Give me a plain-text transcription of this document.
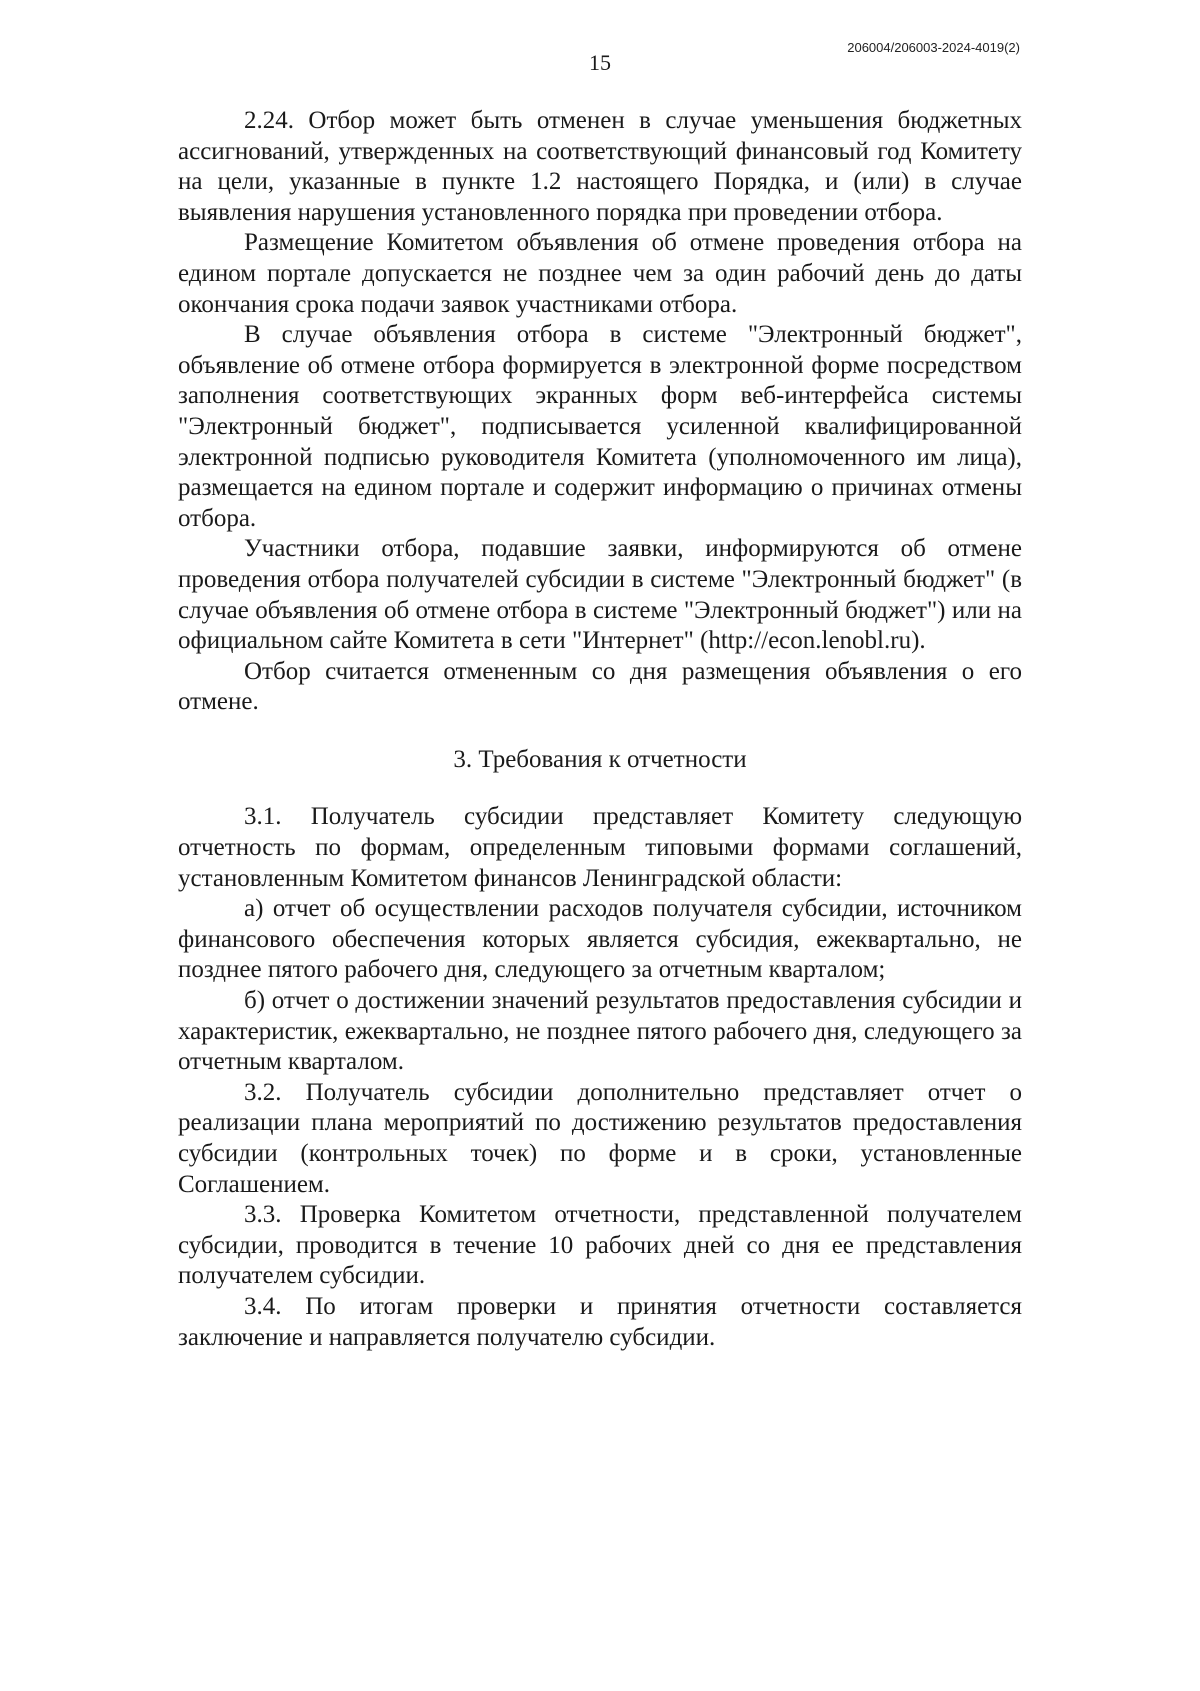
206004/206003-2024-4019(2)
15

2.24. Отбор может быть отменен в случае уменьшения бюджетных ассигнований, утвержденных на соответствующий финансовый год Комитету на цели, указанные в пункте 1.2 настоящего Порядка, и (или) в случае выявления нарушения установленного порядка при проведении отбора.

Размещение Комитетом объявления об отмене проведения отбора на едином портале допускается не позднее чем за один рабочий день до даты окончания срока подачи заявок участниками отбора.

В случае объявления отбора в системе "Электронный бюджет", объявление об отмене отбора формируется в электронной форме посредством заполнения соответствующих экранных форм веб-интерфейса системы "Электронный бюджет", подписывается усиленной квалифицированной электронной подписью руководителя Комитета (уполномоченного им лица), размещается на едином портале и содержит информацию о причинах отмены отбора.

Участники отбора, подавшие заявки, информируются об отмене проведения отбора получателей субсидии в системе "Электронный бюджет" (в случае объявления об отмене отбора в системе "Электронный бюджет") или на официальном сайте Комитета в сети "Интернет" (http://econ.lenobl.ru).

Отбор считается отмененным со дня размещения объявления о его отмене.

3. Требования к отчетности

3.1. Получатель субсидии представляет Комитету следующую отчетность по формам, определенным типовыми формами соглашений, установленным Комитетом финансов Ленинградской области:

а) отчет об осуществлении расходов получателя субсидии, источником финансового обеспечения которых является субсидия, ежеквартально, не позднее пятого рабочего дня, следующего за отчетным кварталом;

б) отчет о достижении значений результатов предоставления субсидии и характеристик, ежеквартально, не позднее пятого рабочего дня, следующего за отчетным кварталом.

3.2. Получатель субсидии дополнительно представляет отчет о реализации плана мероприятий по достижению результатов предоставления субсидии (контрольных точек) по форме и в сроки, установленные Соглашением.

3.3. Проверка Комитетом отчетности, представленной получателем субсидии, проводится в течение 10 рабочих дней со дня ее представления получателем субсидии.

3.4. По итогам проверки и принятия отчетности составляется заключение и направляется получателю субсидии.
